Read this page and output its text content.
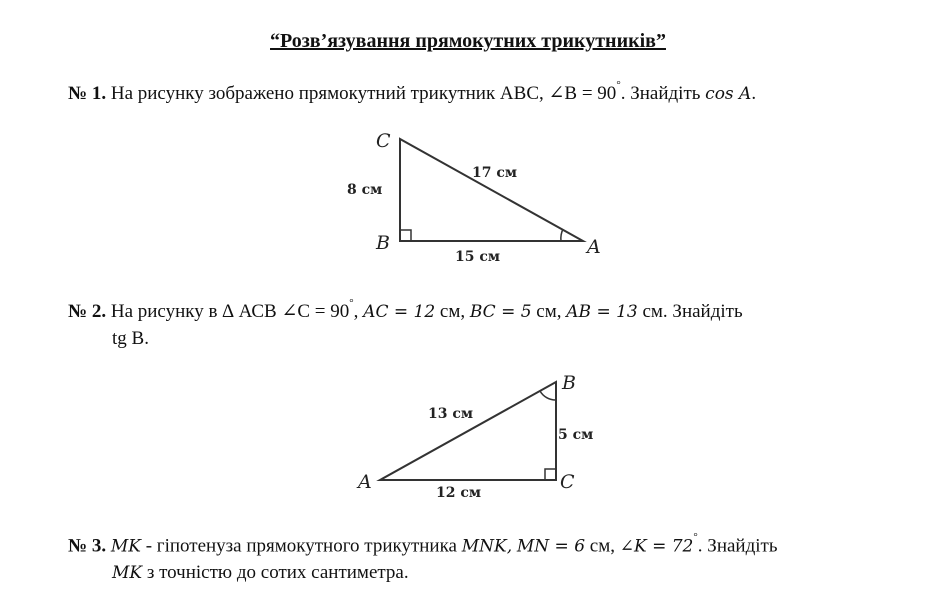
“Розв’язування прямокутних трикутників”
№ 1. На рисунку зображено прямокутний трикутник АВС, ∠В = 90°. Знайдіть cos A.
C
B	A
8 см
17 см
15 см
№ 2. На рисунку в ∆ АСВ ∠С = 90°, AC = 12 см, BC = 5 см, AB = 13 см. Знайдіть
tg B.
A
B
C
13 см
5 см
12 см
№ 3. MK - гіпотенуза прямокутного трикутника MNK, MN = 6 см, ∠K = 72°. Знайдіть
MK з точністю до сотих сантиметра.
